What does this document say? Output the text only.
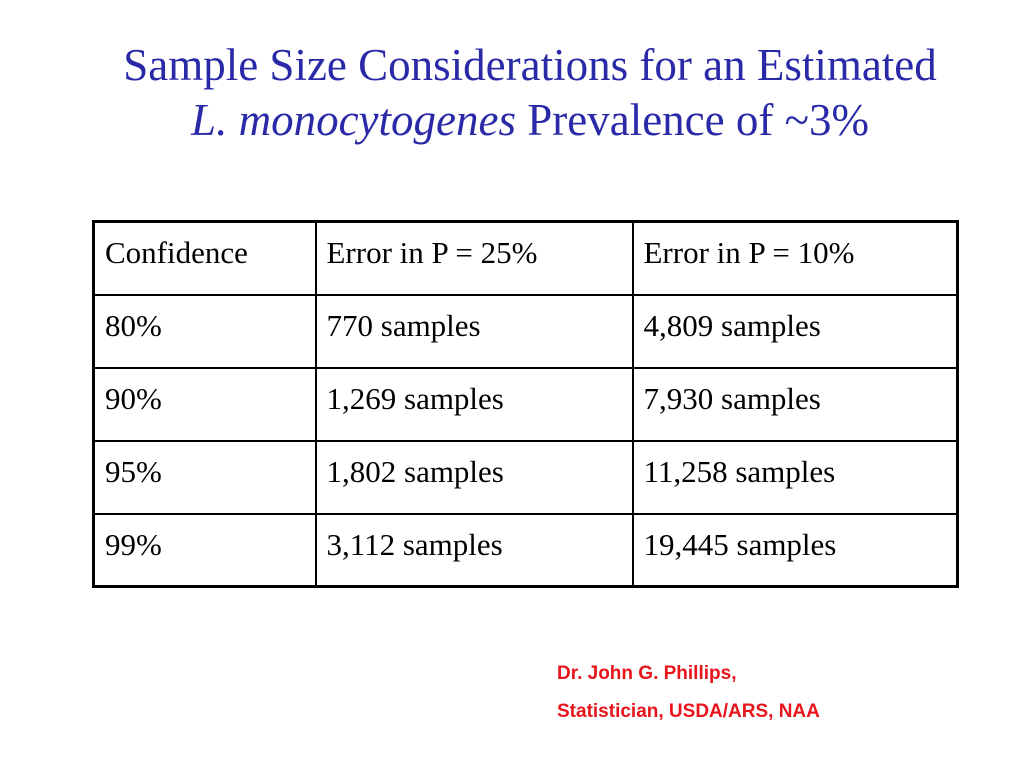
Sample Size Considerations for an Estimated
L. monocytogenes Prevalence of ~3%
Confidence	Error in P = 25%	Error in P = 10%
80%	770 samples	4,809 samples
90%	1,269 samples	7,930 samples
95%	1,802 samples	11,258 samples
99%	3,112 samples	19,445 samples
Dr. John G. Phillips,
Statistician, USDA/ARS, NAA
